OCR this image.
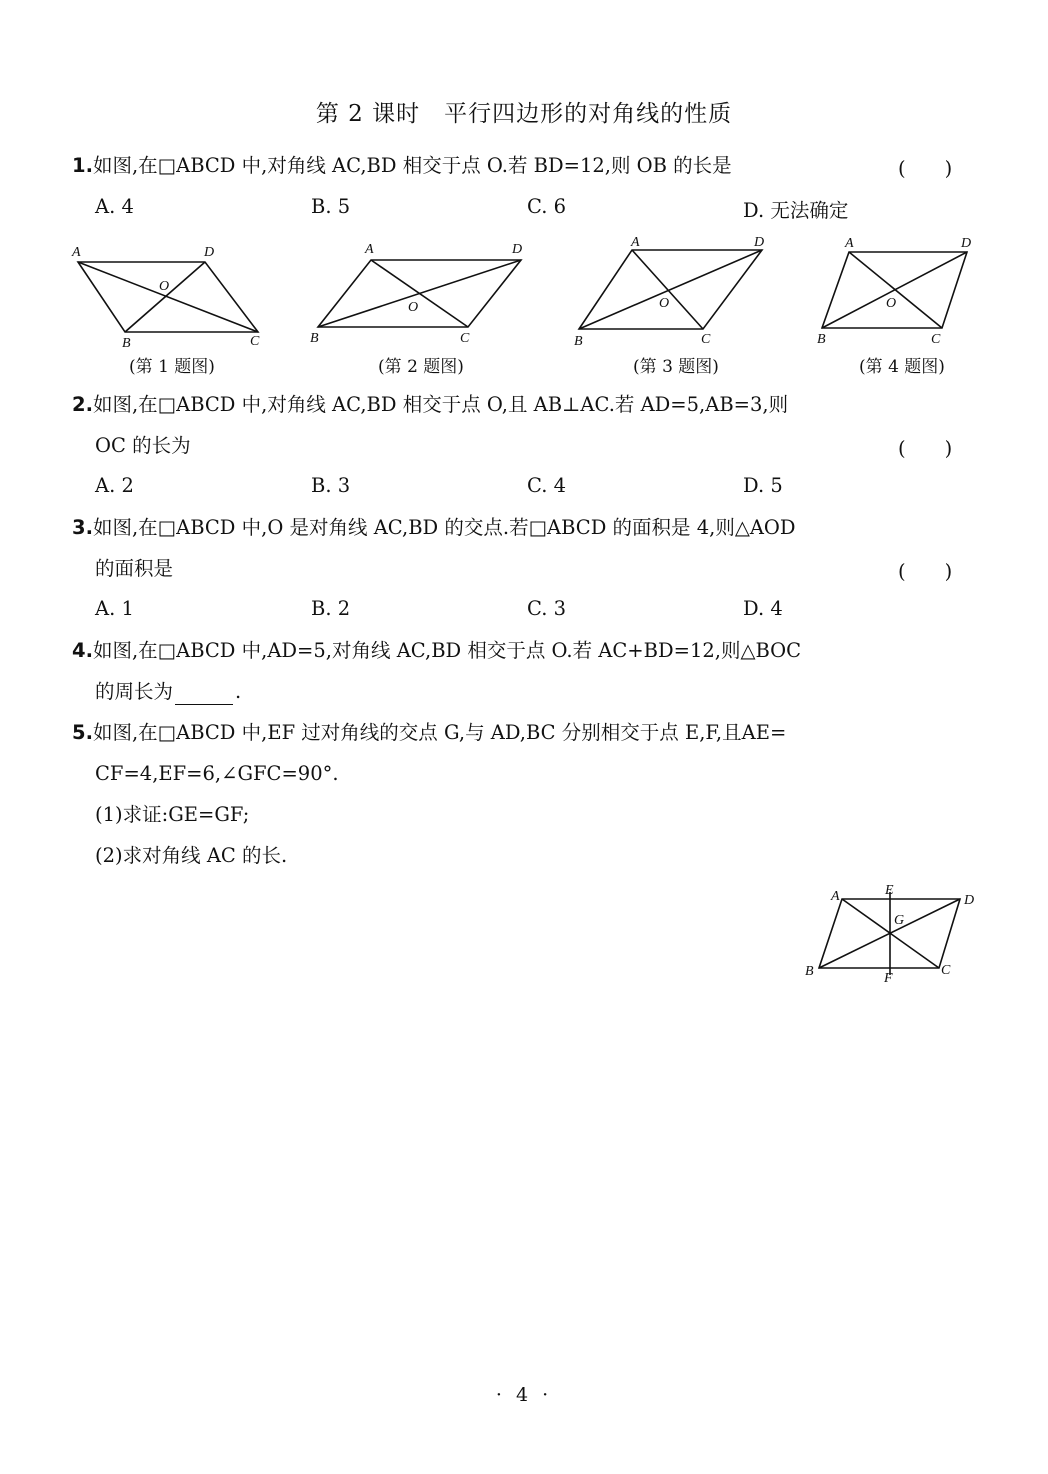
第 2 课时　平行四边形的对角线的性质
1.如图,在□ABCD 中,对角线 AC,BD 相交于点 O.若 BD=12,则 OB 的长是	(　　)
A. 4	B. 5	C. 6	D. 无法确定
A	D
B	C
O
A	D
B	C
O
A	D
B	C
O
A	D
B	C
O
(第 1 题图)	(第 2 题图)	(第 3 题图)	(第 4 题图)
2.如图,在□ABCD 中,对角线 AC,BD 相交于点 O,且 AB⊥AC.若 AD=5,AB=3,则
OC 的长为	(　　)
A. 2	B. 3	C. 4	D. 5
3.如图,在□ABCD 中,O 是对角线 AC,BD 的交点.若□ABCD 的面积是 4,则△AOD
的面积是	(　　)
A. 1	B. 2	C. 3	D. 4
4.如图,在□ABCD 中,AD=5,对角线 AC,BD 相交于点 O.若 AC+BD=12,则△BOC
的周长为	.
5.如图,在□ABCD 中,EF 过对角线的交点 G,与 AD,BC 分别相交于点 E,F,且AE=
CF=4,EF=6,∠GFC=90°.
(1)求证:GE=GF;
(2)求对角线 AC 的长.
A	E
D
G
B	F
C
· 4 ·
